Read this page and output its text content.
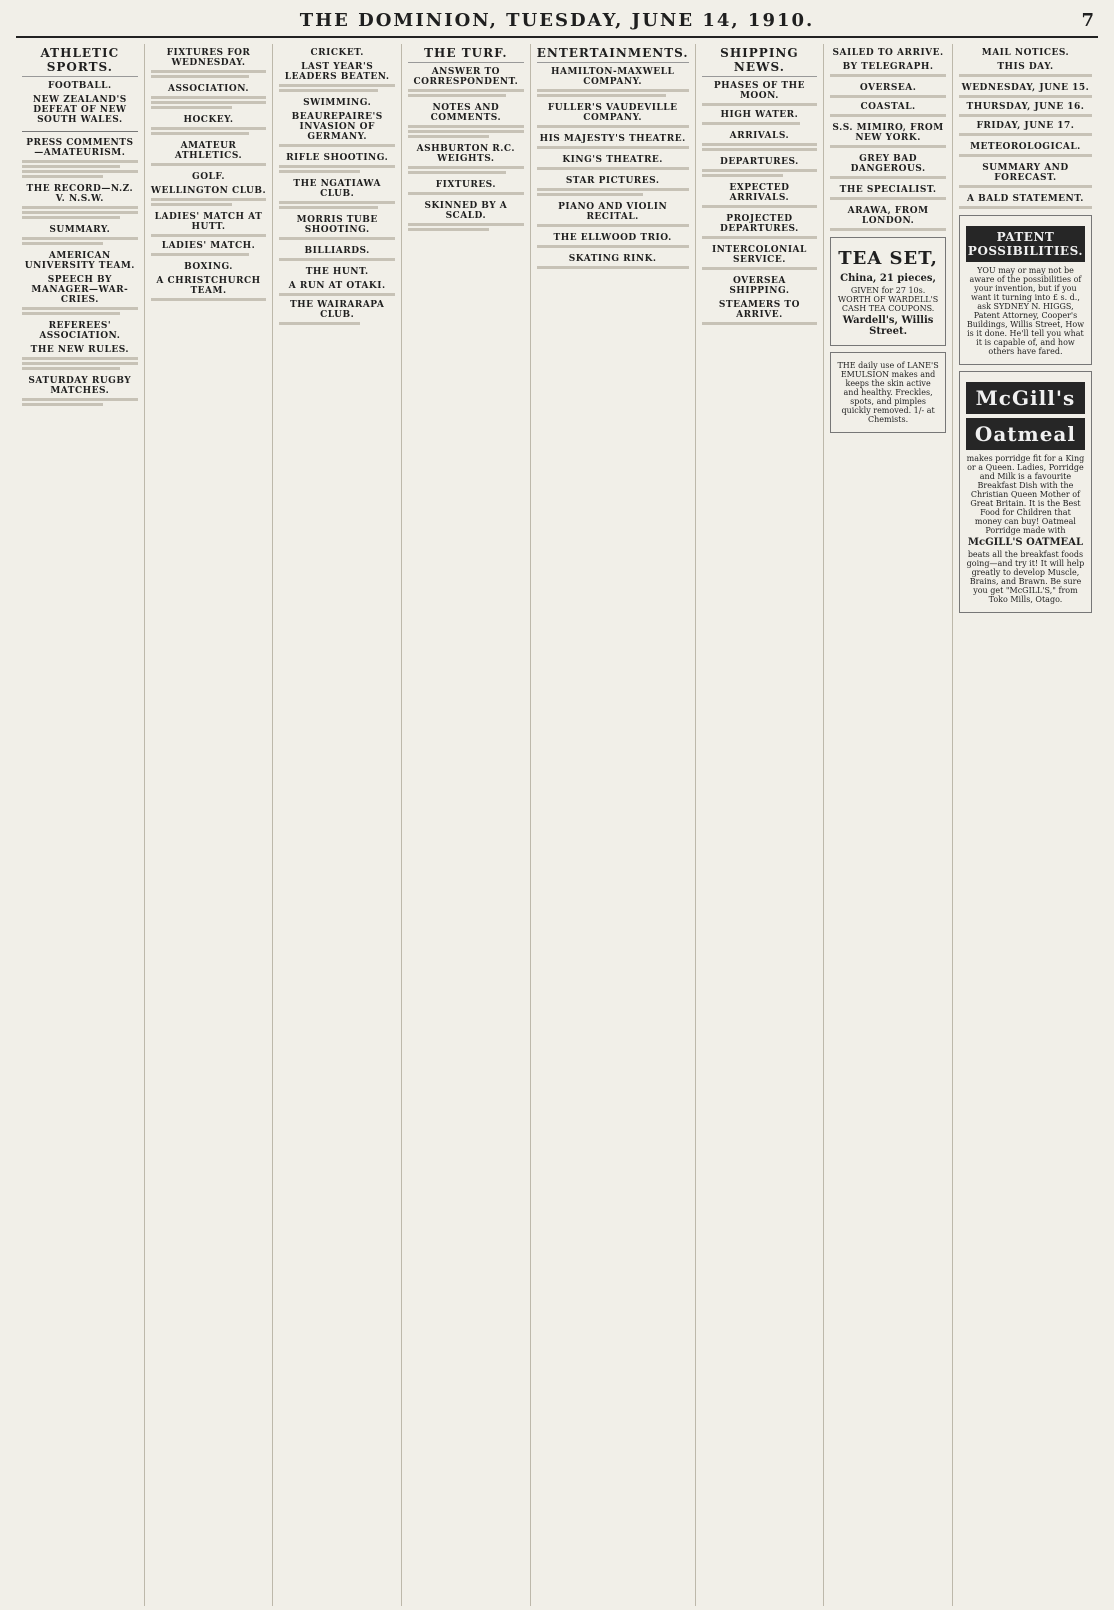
THE DOMINION, TUESDAY, JUNE 14, 1910.	7
ATHLETIC SPORTS.
FOOTBALL.
NEW ZEALAND'S DEFEAT OF NEW SOUTH WALES.
PRESS COMMENTS—AMATEURISM.
THE RECORD—N.Z. V. N.S.W.
SUMMARY.
AMERICAN UNIVERSITY TEAM.
SPEECH BY MANAGER—WAR-CRIES.
REFEREES' ASSOCIATION.
THE NEW RULES.
SATURDAY RUGBY MATCHES.
FIXTURES FOR WEDNESDAY.
ASSOCIATION.
HOCKEY.
AMATEUR ATHLETICS.
GOLF.
WELLINGTON CLUB.
LADIES' MATCH AT HUTT.
LADIES' MATCH.
BOXING.
A CHRISTCHURCH TEAM.
CRICKET.
LAST YEAR'S LEADERS BEATEN.
SWIMMING.
BEAUREPAIRE'S INVASION OF GERMANY.
RIFLE SHOOTING.
THE NGATIAWA CLUB.
MORRIS TUBE SHOOTING.
BILLIARDS.
THE HUNT.
A RUN AT OTAKI.
THE WAIRARAPA CLUB.
THE TURF.
ANSWER TO CORRESPONDENT.
NOTES AND COMMENTS.
ASHBURTON R.C. WEIGHTS.
FIXTURES.
SKINNED BY A SCALD.
ENTERTAINMENTS.
HAMILTON-MAXWELL COMPANY.
FULLER'S VAUDEVILLE COMPANY.
HIS MAJESTY'S THEATRE.
KING'S THEATRE.
STAR PICTURES.
PIANO AND VIOLIN RECITAL.
THE ELLWOOD TRIO.
SKATING RINK.
SHIPPING NEWS.
PHASES OF THE MOON.
HIGH WATER.
ARRIVALS.
DEPARTURES.
EXPECTED ARRIVALS.
PROJECTED DEPARTURES.
INTERCOLONIAL SERVICE.
OVERSEA SHIPPING.
STEAMERS TO ARRIVE.
SAILED TO ARRIVE.
BY TELEGRAPH.
OVERSEA.
COASTAL.
S.S. MIMIRO, FROM NEW YORK.
GREY BAD DANGEROUS.
THE SPECIALIST.
ARAWA, FROM LONDON.
TEA SET,
China, 21 pieces,
GIVEN for 27 10s. WORTH OF WARDELL'S CASH TEA COUPONS.
Wardell's, Willis Street.
THE daily use of LANE'S EMULSION makes and keeps the skin active and healthy. Freckles, spots, and pimples quickly removed. 1/- at Chemists.
MAIL NOTICES.
THIS DAY.
WEDNESDAY, JUNE 15.
THURSDAY, JUNE 16.
FRIDAY, JUNE 17.
METEOROLOGICAL.
SUMMARY AND FORECAST.
A BALD STATEMENT.
PATENT POSSIBILITIES.
YOU may or may not be aware of the possibilities of your invention, but if you want it turning into £ s. d., ask SYDNEY N. HIGGS, Patent Attorney, Cooper's Buildings, Willis Street, How is it done. He'll tell you what it is capable of, and how others have fared.
McGill's
Oatmeal
makes porridge fit for a King or a Queen. Ladies, Porridge and Milk is a favourite Breakfast Dish with the Christian Queen Mother of Great Britain. It is the Best Food for Children that money can buy! Oatmeal Porridge made with
McGILL'S OATMEAL
beats all the breakfast foods going—and try it! It will help greatly to develop Muscle, Brains, and Brawn. Be sure you get "McGILL'S," from Toko Mills, Otago.
